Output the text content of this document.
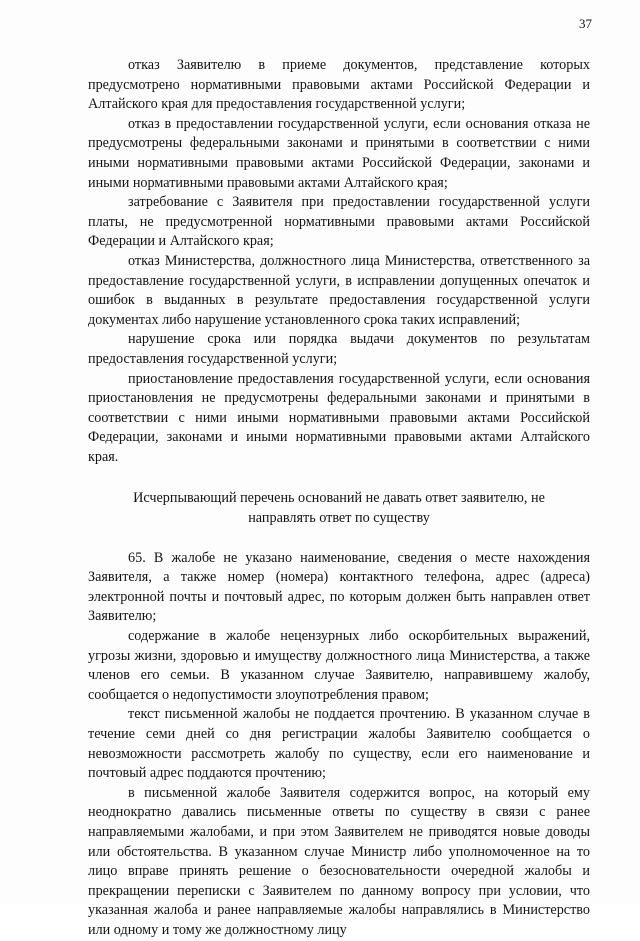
37

отказ Заявителю в приеме документов, представление которых предусмотрено нормативными правовыми актами Российской Федерации и Алтайского края для предоставления государственной услуги;

отказ в предоставлении государственной услуги, если основания отказа не предусмотрены федеральными законами и принятыми в соответствии с ними иными нормативными правовыми актами Российской Федерации, законами и иными нормативными правовыми актами Алтайского края;

затребование с Заявителя при предоставлении государственной услуги платы, не предусмотренной нормативными правовыми актами Российской Федерации и Алтайского края;

отказ Министерства, должностного лица Министерства, ответственного за предоставление государственной услуги, в исправлении допущенных опечаток и ошибок в выданных в результате предоставления государственной услуги документах либо нарушение установленного срока таких исправлений;

нарушение срока или порядка выдачи документов по результатам предоставления государственной услуги;

приостановление предоставления государственной услуги, если основания приостановления не предусмотрены федеральными законами и принятыми в соответствии с ними иными нормативными правовыми актами Российской Федерации, законами и иными нормативными правовыми актами Алтайского края.

Исчерпывающий перечень оснований не давать ответ заявителю, не направлять ответ по существу

65. В жалобе не указано наименование, сведения о месте нахождения Заявителя, а также номер (номера) контактного телефона, адрес (адреса) электронной почты и почтовый адрес, по которым должен быть направлен ответ Заявителю;

содержание в жалобе нецензурных либо оскорбительных выражений, угрозы жизни, здоровью и имуществу должностного лица Министерства, а также членов его семьи. В указанном случае Заявителю, направившему жалобу, сообщается о недопустимости злоупотребления правом;

текст письменной жалобы не поддается прочтению. В указанном случае в течение семи дней со дня регистрации жалобы Заявителю сообщается о невозможности рассмотреть жалобу по существу, если его наименование и почтовый адрес поддаются прочтению;

в письменной жалобе Заявителя содержится вопрос, на который ему неоднократно давались письменные ответы по существу в связи с ранее направляемыми жалобами, и при этом Заявителем не приводятся новые доводы или обстоятельства. В указанном случае Министр либо уполномоченное на то лицо вправе принять решение о безосновательности очередной жалобы и прекращении переписки с Заявителем по данному вопросу при условии, что указанная жалоба и ранее направляемые жалобы направлялись в Министерство или одному и тому же должностному лицу
